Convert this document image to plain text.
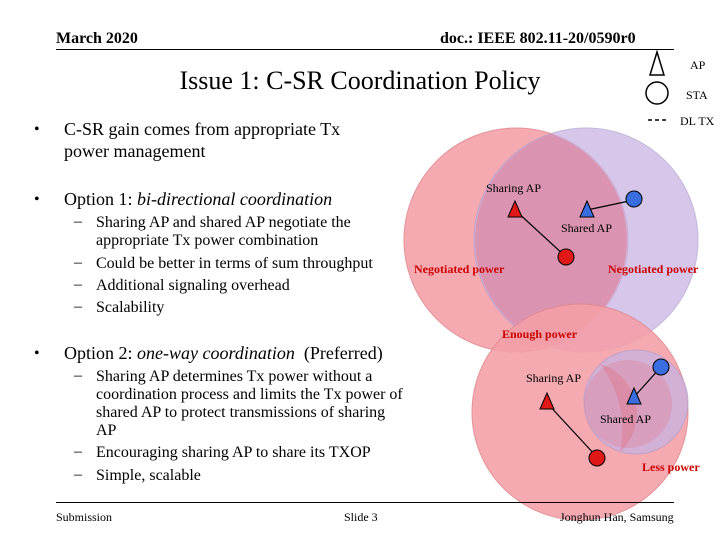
March 2020	doc.: IEEE 802.11-20/0590r0
Issue 1: C-SR Coordination Policy
AP
STA
DL TX
Sharing AP
Shared AP
Negotiated power	Negotiated power
Enough power
Sharing AP
Shared AP
Less power
• C-SR gain comes from appropriate Tx
power management
• Option 1: bi-directional coordination
– Sharing AP and shared AP negotiate the
appropriate Tx power combination
– Could be better in terms of sum throughput
– Additional signaling overhead
– Scalability
• Option 2: one-way coordination (Preferred)
– Sharing AP determines Tx power without a
coordination process and limits the Tx power of
shared AP to protect transmissions of sharing
AP
– Encouraging sharing AP to share its TXOP
– Simple, scalable
Submission	Slide 3	Jonghun Han, Samsung
